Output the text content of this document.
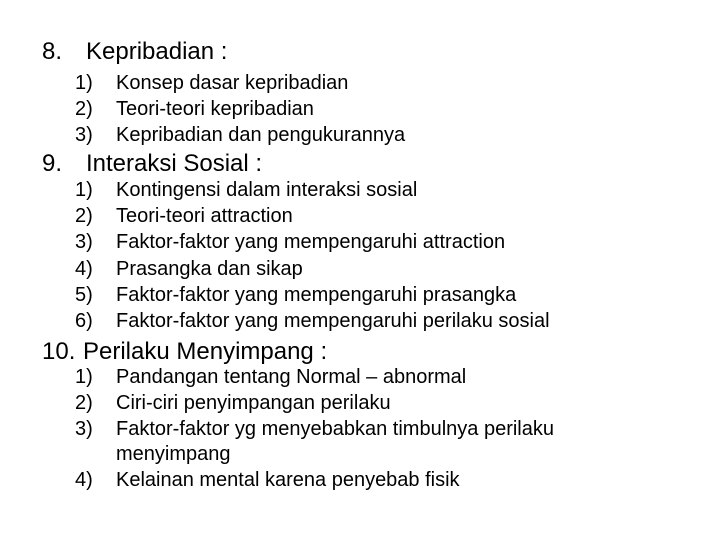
8. Kepribadian :
1) Konsep dasar kepribadian
2) Teori-teori kepribadian
3) Kepribadian dan pengukurannya
9. Interaksi Sosial :
1) Kontingensi dalam interaksi sosial
2) Teori-teori attraction
3) Faktor-faktor yang mempengaruhi attraction
4) Prasangka dan sikap
5) Faktor-faktor yang mempengaruhi prasangka
6) Faktor-faktor yang mempengaruhi perilaku sosial
10. Perilaku Menyimpang :
1) Pandangan tentang Normal – abnormal
2) Ciri-ciri penyimpangan perilaku
3) Faktor-faktor yg menyebabkan timbulnya perilaku
menyimpang
4) Kelainan mental karena penyebab fisik
